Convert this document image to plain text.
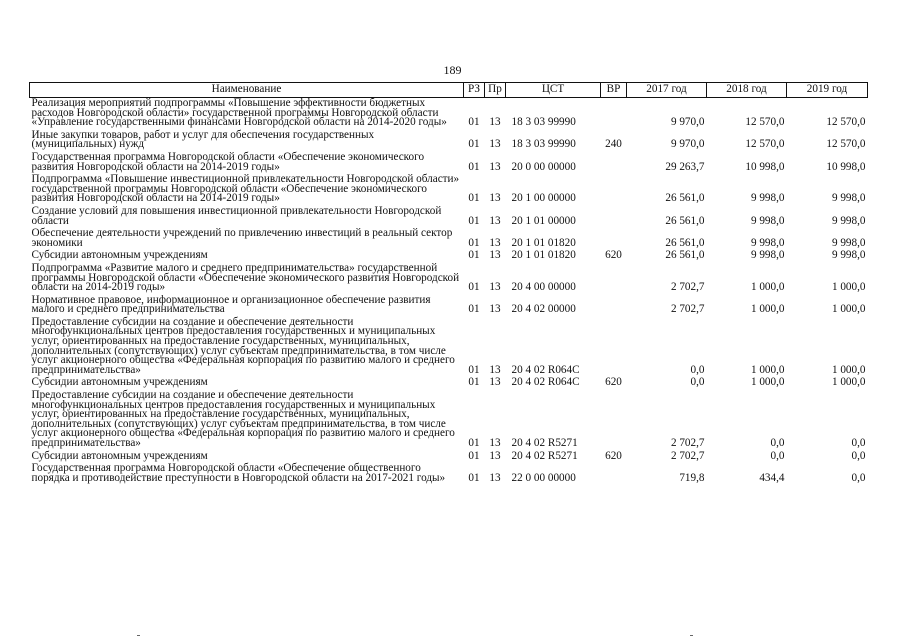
189
Наименование	РЗ	Пр	ЦСТ	ВР	2017 год	2018 год	2019 год
Реализация мероприятий подпрограммы «Повышение эффективности бюджетных расходов Новгородской области» государственной программы Новгородской области «Управление государственными финансами Новгородской области на 2014-2020 годы»	01	13	18 3 03 99990		9 970,0	12 570,0	12 570,0
Иные закупки товаров, работ и услуг для обеспечения государственных (муниципальных) нужд	01	13	18 3 03 99990	240	9 970,0	12 570,0	12 570,0
Государственная программа Новгородской области «Обеспечение экономического развития Новгородской области на 2014-2019 годы»	01	13	20 0 00 00000		29 263,7	10 998,0	10 998,0
Подпрограмма «Повышение инвестиционной привлекательности Новгородской области» государственной программы Новгородской области «Обеспечение экономического развития Новгородской области на 2014-2019 годы»	01	13	20 1 00 00000		26 561,0	9 998,0	9 998,0
Создание условий для повышения инвестиционной привлекательности Новгородской области	01	13	20 1 01 00000		26 561,0	9 998,0	9 998,0
Обеспечение деятельности учреждений по привлечению инвестиций в реальный сектор экономики	01	13	20 1 01 01820		26 561,0	9 998,0	9 998,0
Субсидии автономным учреждениям	01	13	20 1 01 01820	620	26 561,0	9 998,0	9 998,0
Подпрограмма «Развитие малого и среднего предпринимательства» государственной программы Новгородской области «Обеспечение экономического развития Новгородской области на 2014-2019 годы»	01	13	20 4 00 00000		2 702,7	1 000,0	1 000,0
Нормативное правовое, информационное и организационное обеспечение развития малого и среднего предпринимательства	01	13	20 4 02 00000		2 702,7	1 000,0	1 000,0
Предоставление субсидии на создание и обеспечение деятельности многофункциональных центров предоставления государственных и муниципальных услуг, ориентированных на предоставление государственных, муниципальных, дополнительных (сопутствующих) услуг субъектам предпринимательства, в том числе услуг акционерного общества «Федеральная корпорация по развитию малого и среднего предпринимательства»	01	13	20 4 02 R064C		0,0	1 000,0	1 000,0
Субсидии автономным учреждениям	01	13	20 4 02 R064C	620	0,0	1 000,0	1 000,0
Предоставление субсидии на создание и обеспечение деятельности многофункциональных центров предоставления государственных и муниципальных услуг, ориентированных на предоставление государственных, муниципальных, дополнительных (сопутствующих) услуг субъектам предпринимательства, в том числе услуг акционерного общества «Федеральная корпорация по развитию малого и среднего предпринимательства»	01	13	20 4 02 R5271		2 702,7	0,0	0,0
Субсидии автономным учреждениям	01	13	20 4 02 R5271	620	2 702,7	0,0	0,0
Государственная программа Новгородской области «Обеспечение общественного порядка и противодействие преступности в Новгородской области на 2017-2021 годы»	01	13	22 0 00 00000		719,8	434,4	0,0
